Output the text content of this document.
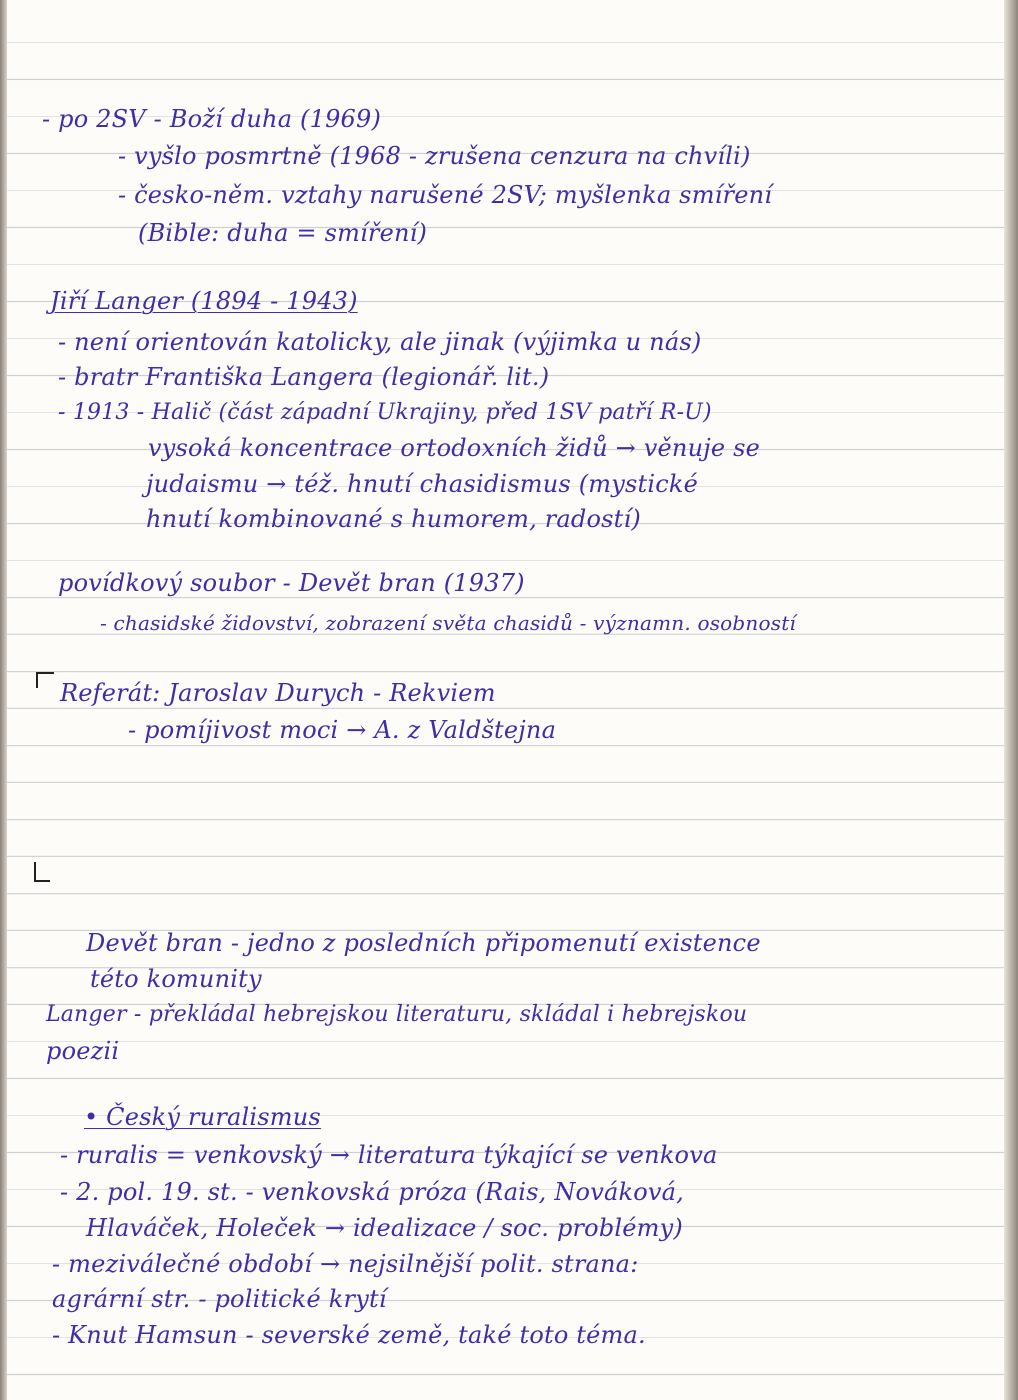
- po 2SV - Boží duha (1969)

- vyšlo posmrtně (1968 - zrušena cenzura na chvíli)

- česko-něm. vztahy narušené 2SV; myšlenka smíření

(Bible: duha = smíření)

Jiří Langer (1894 - 1943)

- není orientován katolicky, ale jinak (výjimka u nás)

- bratr Františka Langera (legionář. lit.)

- 1913 - Halič (část západní Ukrajiny, před 1SV patří R-U)

vysoká koncentrace ortodoxních židů → věnuje se

judaismu → též. hnutí chasidismus (mystické

hnutí kombinované s humorem, radostí)

povídkový soubor - Devět bran (1937)

- chasidské židovství, zobrazení světa chasidů - významn. osobností

Referát: Jaroslav Durych - Rekviem

- pomíjivost moci → A. z Valdštejna

Devět bran - jedno z posledních připomenutí existence

této komunity

Langer - překládal hebrejskou literaturu, skládal i hebrejskou

poezii

• Český ruralismus

- ruralis = venkovský → literatura týkající se venkova

- 2. pol. 19. st. - venkovská próza (Rais, Nováková,

Hlaváček, Holeček → idealizace / soc. problémy)

- meziválečné období → nejsilnější polit. strana:

agrární str. - politické krytí

- Knut Hamsun - severské země, také toto téma.
